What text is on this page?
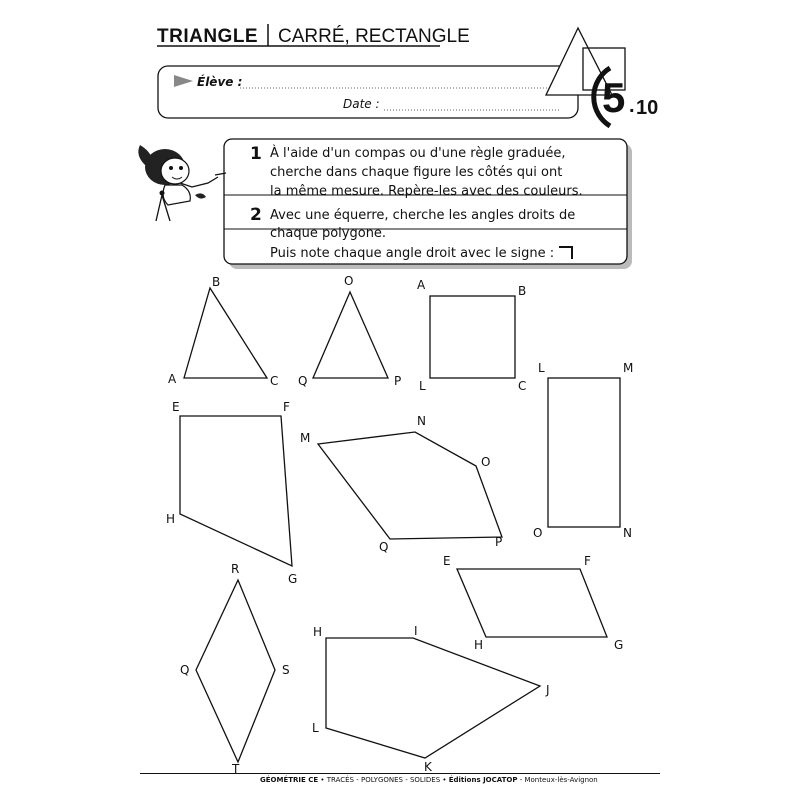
TRIANGLE CARRÉ, RECTANGLE
Élève :
Date :	5 . 10
1 À l'aide d'un compas ou d'une règle graduée,
cherche dans chaque figure les côtés qui ont
la même mesure. Repère-les avec des couleurs.
2 Avec une équerre, cherche les angles droits de
chaque polygone.
Puis note chaque angle droit avec le signe :
A
B
C
O
Q	P
A	B
L	C
L	M
O	N
E	F
H
G
M
N
O
P
Q
E	F
H	G
R
Q	S
T
H	I
J
L
K
GÉOMÉTRIE CE • TRACÉS - POLYGONES - SOLIDES • Éditions JOCATOP - Monteux-lès-Avignon
